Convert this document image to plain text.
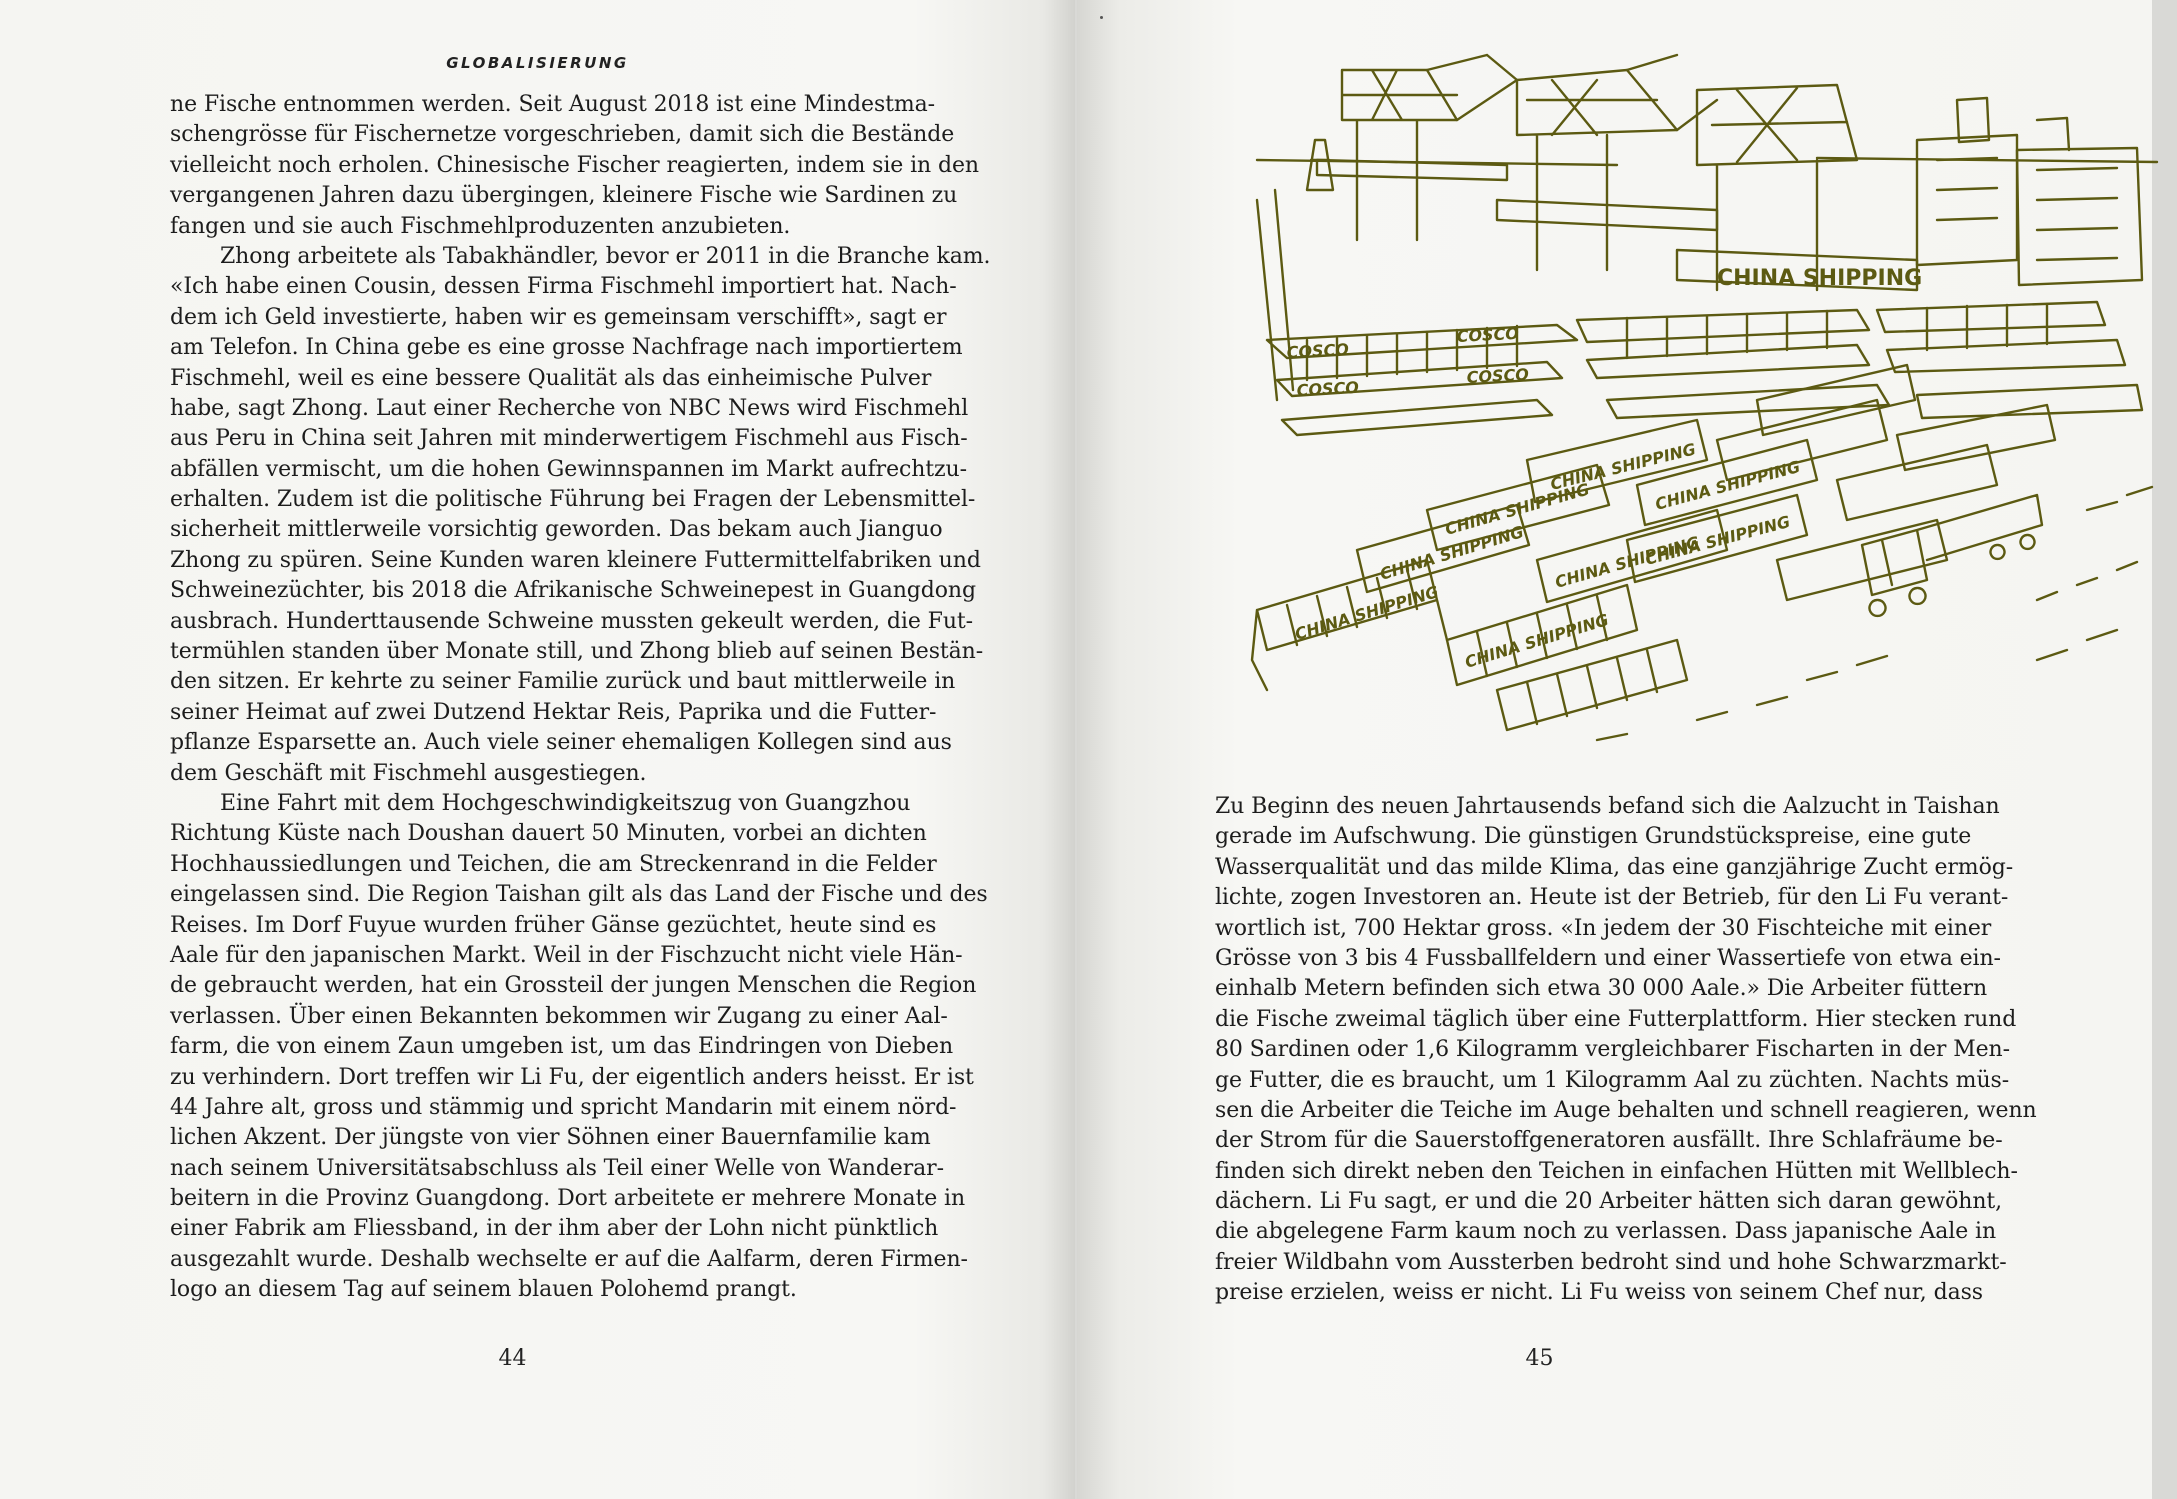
GLOBALISIERUNG
ne Fische entnommen werden. Seit August 2018 ist eine Mindestma-
schengrösse für Fischernetze vorgeschrieben, damit sich die Bestände
vielleicht noch erholen. Chinesische Fischer reagierten, indem sie in den
vergangenen Jahren dazu übergingen, kleinere Fische wie Sardinen zu
fangen und sie auch Fischmehlproduzenten anzubieten.
Zhong arbeitete als Tabakhändler, bevor er 2011 in die Branche kam.
«Ich habe einen Cousin, dessen Firma Fischmehl importiert hat. Nach-
dem ich Geld investierte, haben wir es gemeinsam verschifft», sagt er
am Telefon. In China gebe es eine grosse Nachfrage nach importiertem
Fischmehl, weil es eine bessere Qualität als das einheimische Pulver
habe, sagt Zhong. Laut einer Recherche von NBC News wird Fischmehl
aus Peru in China seit Jahren mit minderwertigem Fischmehl aus Fisch-
abfällen vermischt, um die hohen Gewinnspannen im Markt aufrechtzu-
erhalten. Zudem ist die politische Führung bei Fragen der Lebensmittel-
sicherheit mittlerweile vorsichtig geworden. Das bekam auch Jianguo
Zhong zu spüren. Seine Kunden waren kleinere Futtermittelfabriken und
Schweinezüchter, bis 2018 die Afrikanische Schweinepest in Guangdong
ausbrach. Hunderttausende Schweine mussten gekeult werden, die Fut-
termühlen standen über Monate still, und Zhong blieb auf seinen Bestän-
den sitzen. Er kehrte zu seiner Familie zurück und baut mittlerweile in
seiner Heimat auf zwei Dutzend Hektar Reis, Paprika und die Futter-
pflanze Esparsette an. Auch viele seiner ehemaligen Kollegen sind aus
dem Geschäft mit Fischmehl ausgestiegen.
Eine Fahrt mit dem Hochgeschwindigkeitszug von Guangzhou
Richtung Küste nach Doushan dauert 50 Minuten, vorbei an dichten
Hochhaussiedlungen und Teichen, die am Streckenrand in die Felder
eingelassen sind. Die Region Taishan gilt als das Land der Fische und des
Reises. Im Dorf Fuyue wurden früher Gänse gezüchtet, heute sind es
Aale für den japanischen Markt. Weil in der Fischzucht nicht viele Hän-
de gebraucht werden, hat ein Grossteil der jungen Menschen die Region
verlassen. Über einen Bekannten bekommen wir Zugang zu einer Aal-
farm, die von einem Zaun umgeben ist, um das Eindringen von Dieben
zu verhindern. Dort treffen wir Li Fu, der eigentlich anders heisst. Er ist
44 Jahre alt, gross und stämmig und spricht Mandarin mit einem nörd-
lichen Akzent. Der jüngste von vier Söhnen einer Bauernfamilie kam
nach seinem Universitätsabschluss als Teil einer Welle von Wanderar-
beitern in die Provinz Guangdong. Dort arbeitete er mehrere Monate in
einer Fabrik am Fliessband, in der ihm aber der Lohn nicht pünktlich
ausgezahlt wurde. Deshalb wechselte er auf die Aalfarm, deren Firmen-
logo an diesem Tag auf seinem blauen Polohemd prangt.
44
CHINA SHIPPING
CHINA SHIPPING
CHINA SHIPPING
CHINA SHIPPING
CHINA SHIPPING
CHINA SHIPPING
CHINA SHIPPING
CHINA SHIPPING
COSCO
COSCO
COSCO
COSCO
CHINA SHIPPING
Zu Beginn des neuen Jahrtausends befand sich die Aalzucht in Taishan
gerade im Aufschwung. Die günstigen Grundstückspreise, eine gute
Wasserqualität und das milde Klima, das eine ganzjährige Zucht ermög-
lichte, zogen Investoren an. Heute ist der Betrieb, für den Li Fu verant-
wortlich ist, 700 Hektar gross. «In jedem der 30 Fischteiche mit einer
Grösse von 3 bis 4 Fussballfeldern und einer Wassertiefe von etwa ein-
einhalb Metern befinden sich etwa 30 000 Aale.» Die Arbeiter füttern
die Fische zweimal täglich über eine Futterplattform. Hier stecken rund
80 Sardinen oder 1,6 Kilogramm vergleichbarer Fischarten in der Men-
ge Futter, die es braucht, um 1 Kilogramm Aal zu züchten. Nachts müs-
sen die Arbeiter die Teiche im Auge behalten und schnell reagieren, wenn
der Strom für die Sauerstoffgeneratoren ausfällt. Ihre Schlafräume be-
finden sich direkt neben den Teichen in einfachen Hütten mit Wellblech-
dächern. Li Fu sagt, er und die 20 Arbeiter hätten sich daran gewöhnt,
die abgelegene Farm kaum noch zu verlassen. Dass japanische Aale in
freier Wildbahn vom Aussterben bedroht sind und hohe Schwarzmarkt-
preise erzielen, weiss er nicht. Li Fu weiss von seinem Chef nur, dass
45
